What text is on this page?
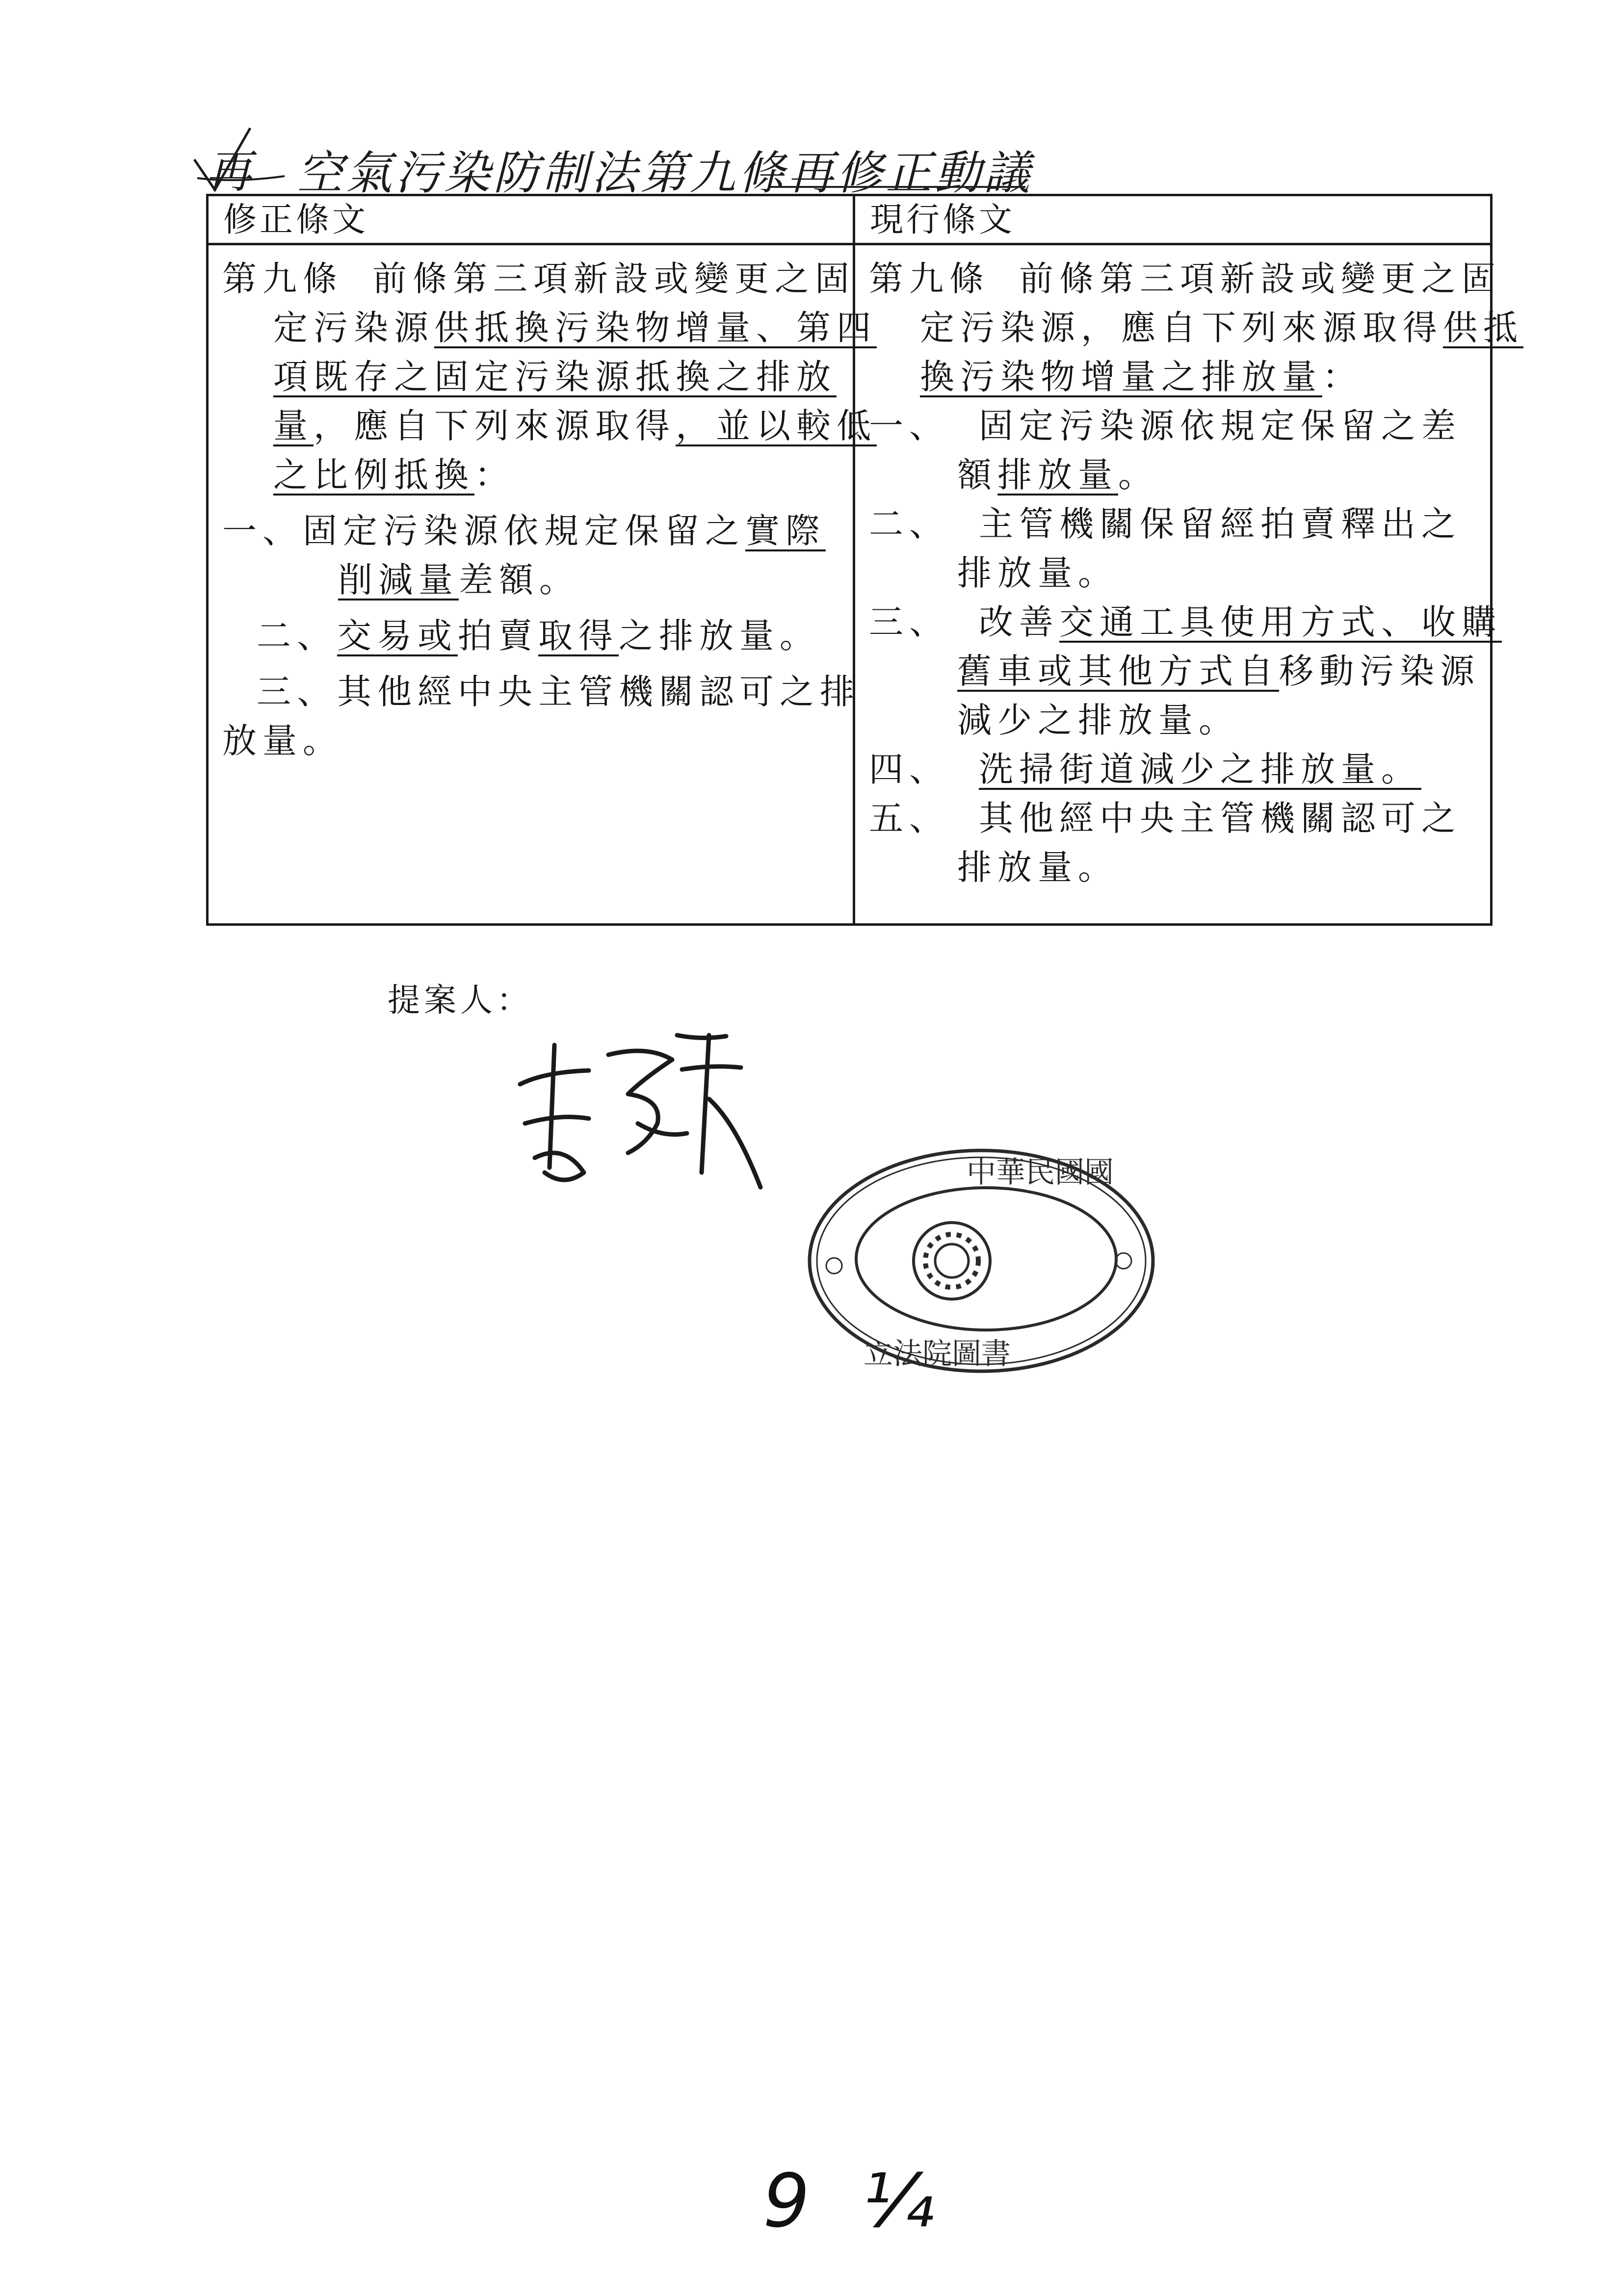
再 空氣污染防制法第九條再修正動議
修正條文
第九條 前條第三項新設或變更之固
定污染源供抵換污染物增量、第四
項既存之固定污染源抵換之排放
量，應自下列來源取得，並以較低
之比例抵換：
一、固定污染源依規定保留之實際
削減量差額。
二、交易或拍賣取得之排放量。
三、其他經中央主管機關認可之排
放量。
現行條文
第九條 前條第三項新設或變更之固
定污染源，應自下列來源取得供抵
換污染物增量之排放量：
一、 固定污染源依規定保留之差
額排放量。
二、 主管機關保留經拍賣釋出之
排放量。
三、 改善交通工具使用方式、收購
舊車或其他方式自移動污染源
減少之排放量。
四、 洗掃街道減少之排放量。
五、 其他經中央主管機關認可之
排放量。
提案人：
中華民國國
立法院圖書
9 ¼
